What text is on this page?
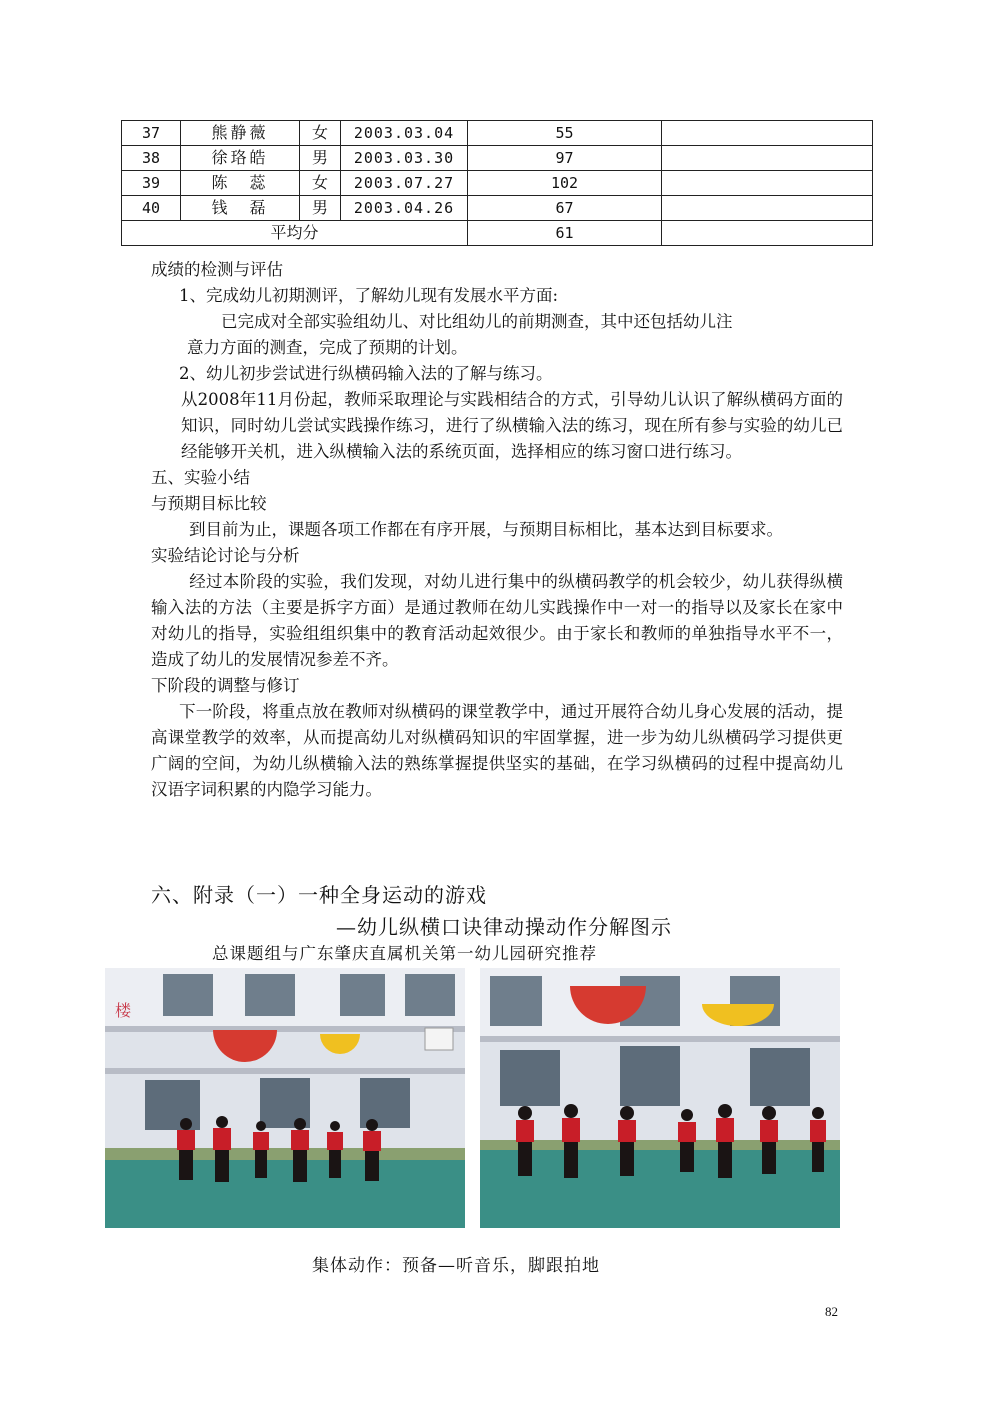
37	熊静薇	女	2003.03.04	55	
38	徐珞皓	男	2003.03.30	97	
39	陈　蕊	女	2003.07.27	102	
40	钱　磊	男	2003.04.26	67	
平均分				61	

成绩的检测与评估

1、完成幼儿初期测评，了解幼儿现有发展水平方面:

已完成对全部实验组幼儿、对比组幼儿的前期测查，其中还包括幼儿注

意力方面的测查，完成了预期的计划。

2、幼儿初步尝试进行纵横码输入法的了解与练习。

从2008年11月份起，教师采取理论与实践相结合的方式，引导幼儿认识了解纵横码方面的知识，同时幼儿尝试实践操作练习，进行了纵横输入法的练习，现在所有参与实验的幼儿已经能够开关机，进入纵横输入法的系统页面，选择相应的练习窗口进行练习。

五、实验小结

与预期目标比较

到目前为止，课题各项工作都在有序开展，与预期目标相比，基本达到目标要求。

实验结论讨论与分析

经过本阶段的实验，我们发现，对幼儿进行集中的纵横码教学的机会较少，幼儿获得纵横输入法的方法（主要是拆字方面）是通过教师在幼儿实践操作中一对一的指导以及家长在家中对幼儿的指导，实验组组织集中的教育活动起效很少。由于家长和教师的单独指导水平不一，造成了幼儿的发展情况参差不齐。

下阶段的调整与修订

下一阶段，将重点放在教师对纵横码的课堂教学中，通过开展符合幼儿身心发展的活动，提高课堂教学的效率，从而提高幼儿对纵横码知识的牢固掌握，进一步为幼儿纵横码学习提供更广阔的空间，为幼儿纵横输入法的熟练掌握提供坚实的基础，在学习纵横码的过程中提高幼儿汉语字词积累的内隐学习能力。

六、附录（一）一种全身运动的游戏
—幼儿纵横口诀律动操动作分解图示
总课题组与广东肇庆直属机关第一幼儿园研究推荐
楼
集体动作：预备—听音乐，脚跟拍地
82
